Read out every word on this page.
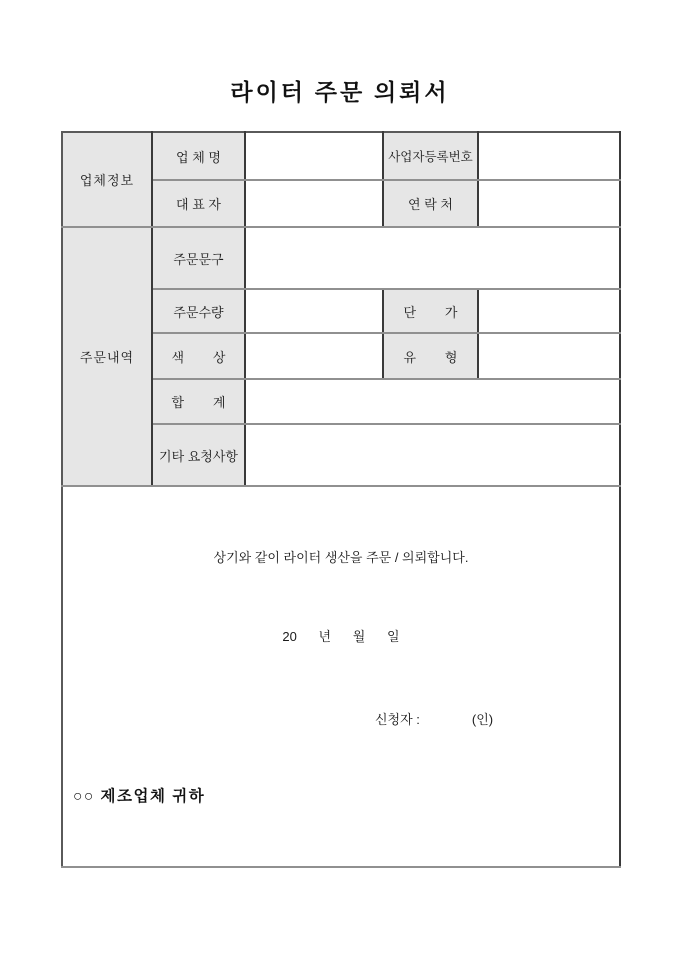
라이터 주문 의뢰서
업체정보	업 체 명		사업자등록번호	
	대 표 자		연 락 처	
주문내역	주문문구			
	주문수량		단        가	
	색        상		유        형	
	합        계			
	기타 요청사항			

상기와 같이 라이터 생산을 주문 / 의뢰합니다.
20      년      월      일
신청자 : (인)
○○ 제조업체 귀하				
